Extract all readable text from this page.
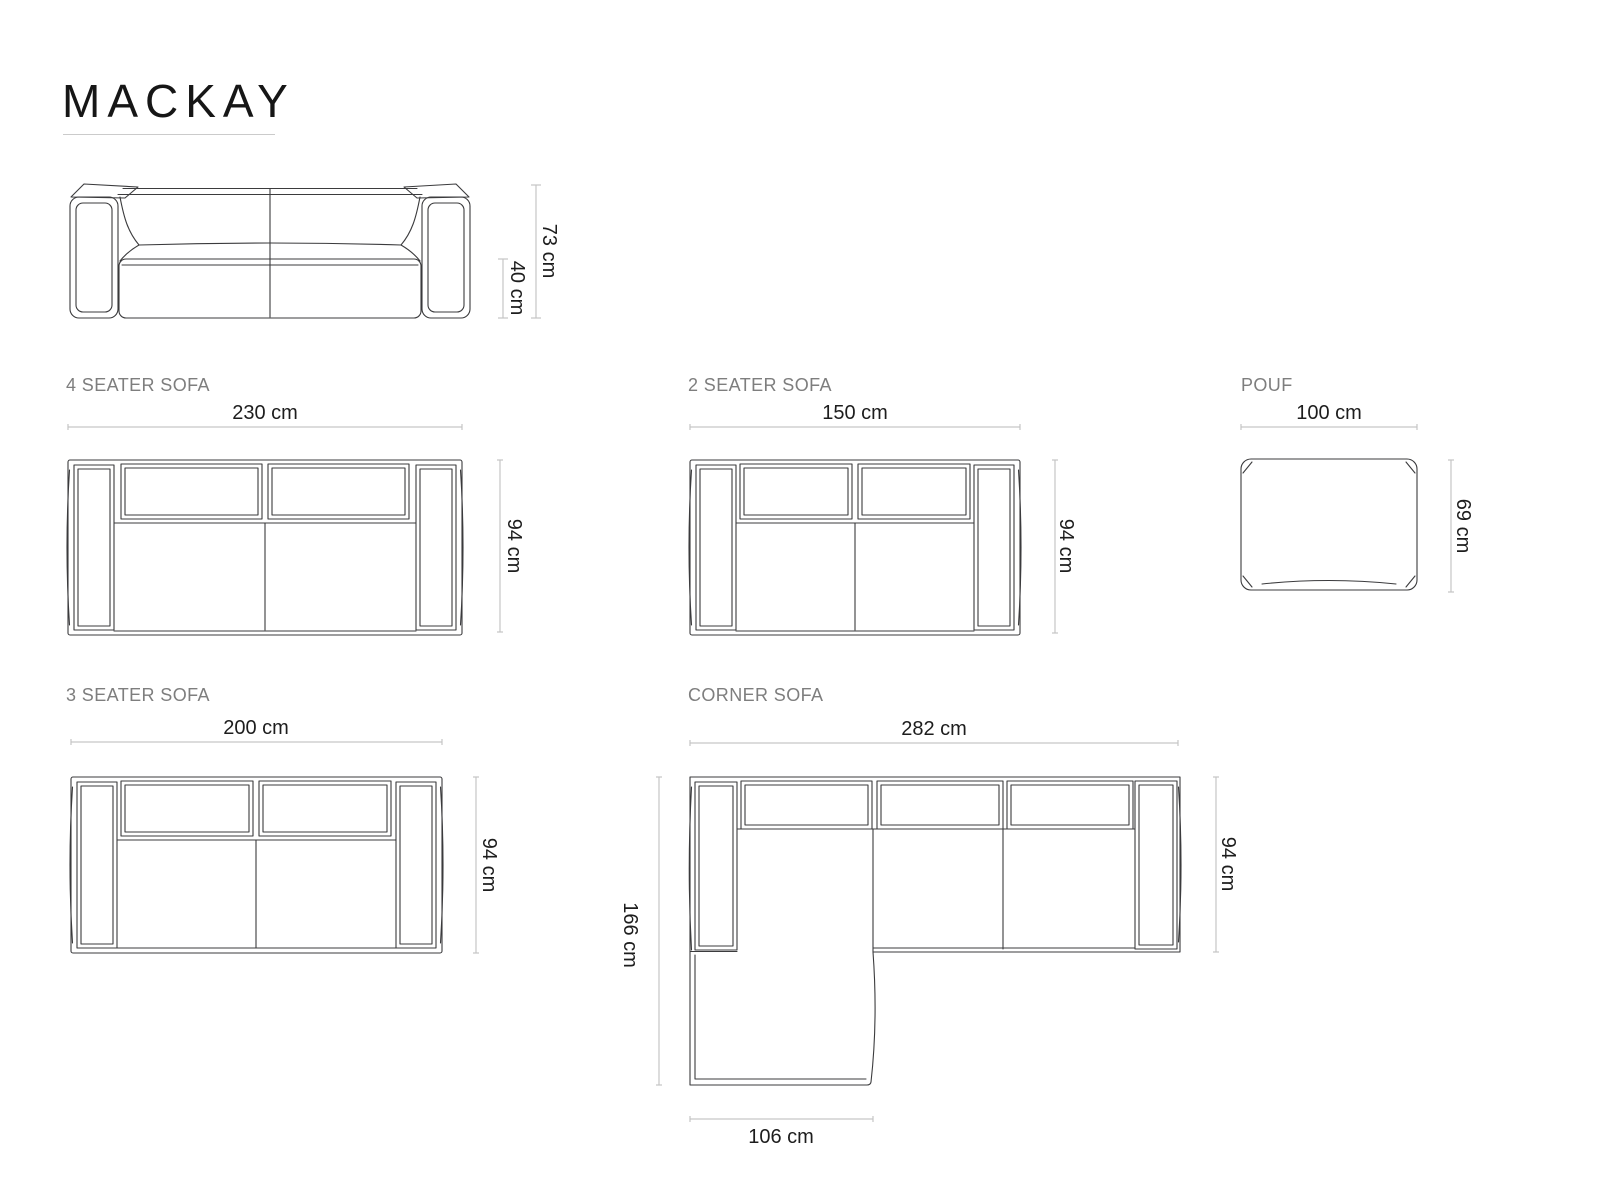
MACKAY
73 cm
40 cm
4 SEATER SOFA
230 cm
94 cm
2 SEATER SOFA
150 cm
94 cm
POUF
100 cm
69 cm
3 SEATER SOFA
200 cm
94 cm
CORNER SOFA
282 cm
166 cm
94 cm
106 cm
